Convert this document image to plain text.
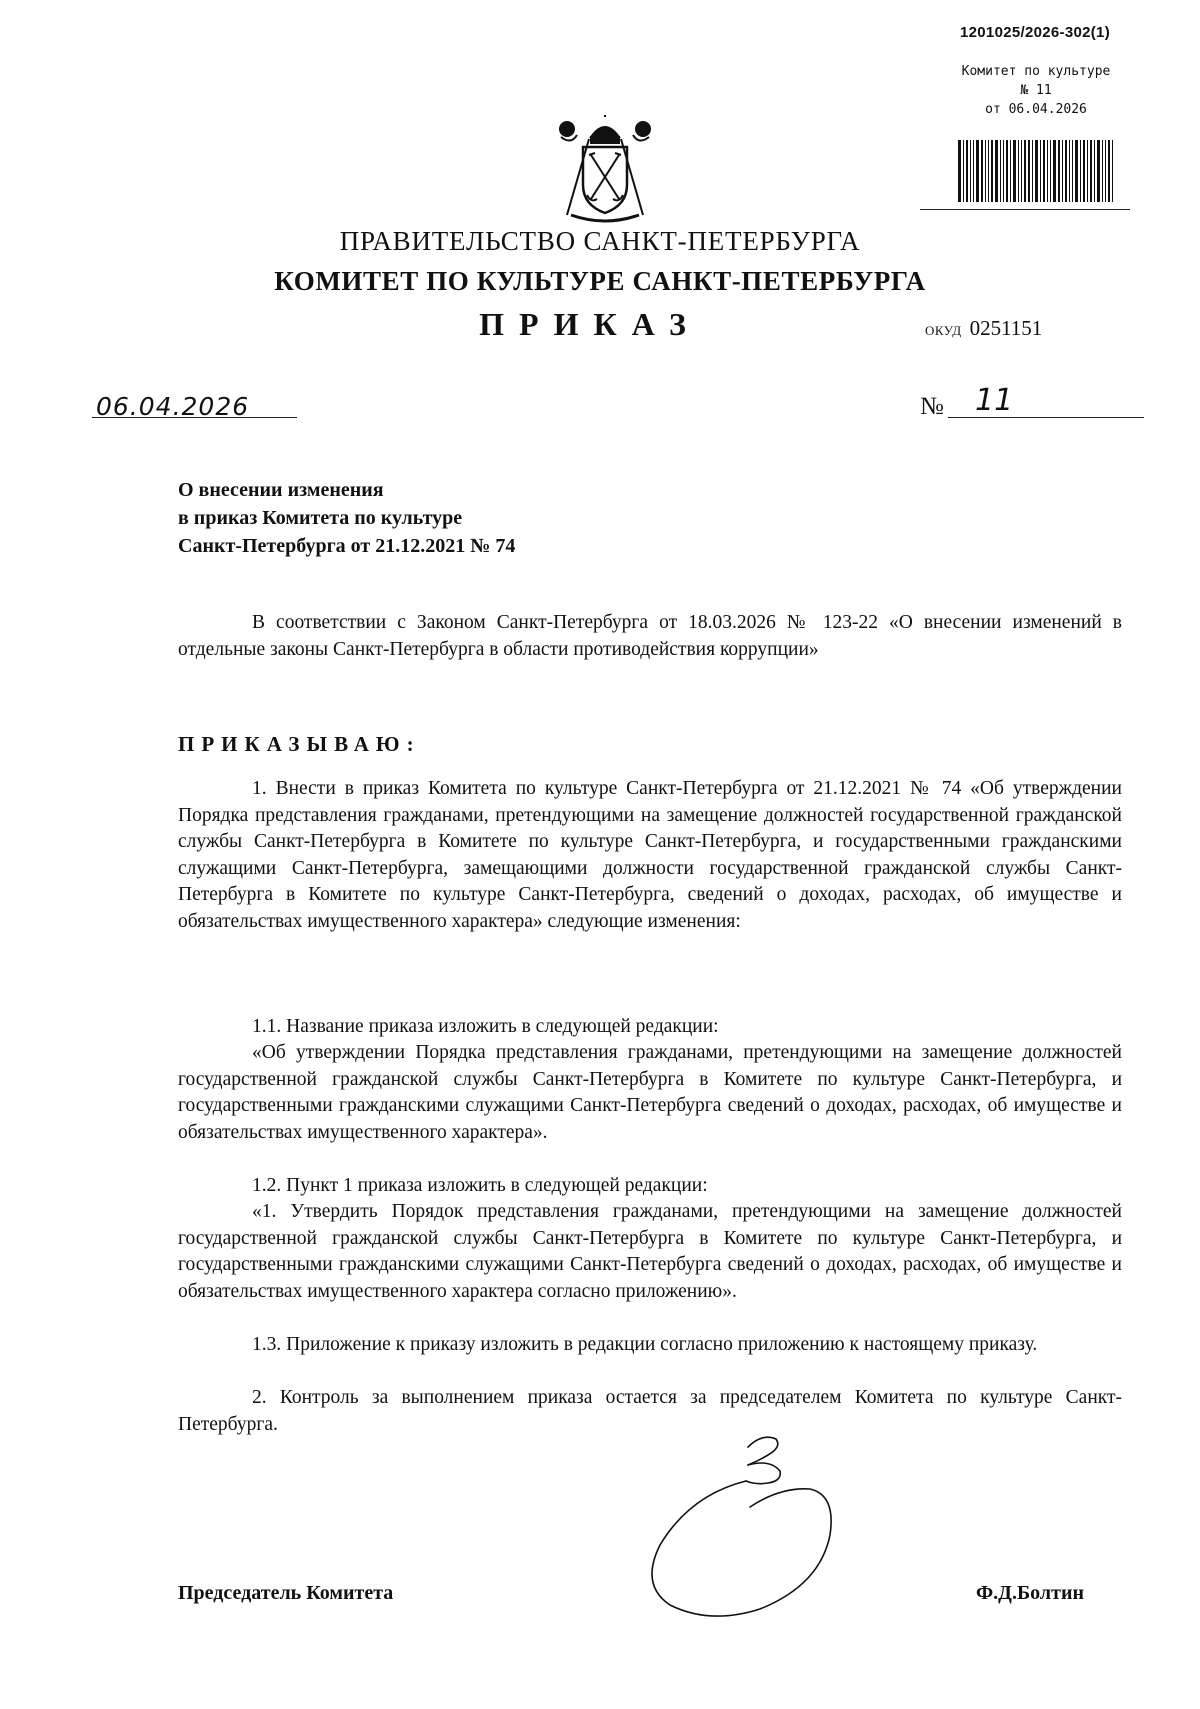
1201025/2026-302(1)
Комитет по культуре
№ 11
от 06.04.2026
ПРАВИТЕЛЬСТВО САНКТ-ПЕТЕРБУРГА
КОМИТЕТ ПО КУЛЬТУРЕ САНКТ-ПЕТЕРБУРГА
ПРИКАЗ	ОКУД 0251151
06.04.2026	№ 11
О внесении изменения
в приказ Комитета по культуре
Санкт-Петербурга от 21.12.2021 № 74
В соответствии с Законом Санкт-Петербурга от 18.03.2026 № 123-22 «О внесении изменений в отдельные законы Санкт-Петербурга в области противодействия коррупции»
ПРИКАЗЫВАЮ:
1. Внести в приказ Комитета по культуре Санкт-Петербурга от 21.12.2021 № 74 «Об утверждении Порядка представления гражданами, претендующими на замещение должностей государственной гражданской службы Санкт-Петербурга в Комитете по культуре Санкт-Петербурга, и государственными гражданскими служащими Санкт-Петербурга, замещающими должности государственной гражданской службы Санкт-Петербурга в Комитете по культуре Санкт-Петербурга, сведений о доходах, расходах, об имуществе и обязательствах имущественного характера» следующие изменения:
1.1. Название приказа изложить в следующей редакции:
«Об утверждении Порядка представления гражданами, претендующими на замещение должностей государственной гражданской службы Санкт-Петербурга в Комитете по культуре Санкт-Петербурга, и государственными гражданскими служащими Санкт-Петербурга сведений о доходах, расходах, об имуществе и обязательствах имущественного характера».
1.2. Пункт 1 приказа изложить в следующей редакции:
«1. Утвердить Порядок представления гражданами, претендующими на замещение должностей государственной гражданской службы Санкт-Петербурга в Комитете по культуре Санкт-Петербурга, и государственными гражданскими служащими Санкт-Петербурга сведений о доходах, расходах, об имуществе и обязательствах имущественного характера согласно приложению».
1.3. Приложение к приказу изложить в редакции согласно приложению к настоящему приказу.
2. Контроль за выполнением приказа остается за председателем Комитета по культуре Санкт-Петербурга.
Председатель Комитета	Ф.Д.Болтин
